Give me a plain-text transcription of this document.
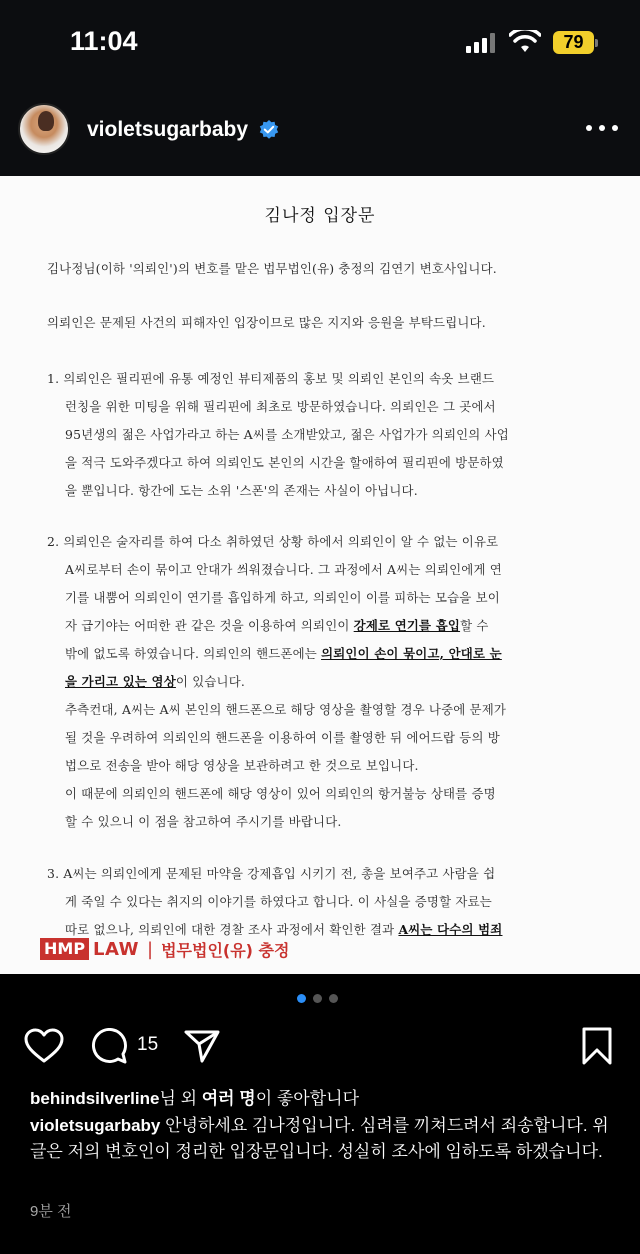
11:04	79
violetsugarbaby
김나정 입장문
김나정님(이하 '의뢰인')의 변호를 맡은 법무법인(유) 충정의 김연기 변호사입니다.
의뢰인은 문제된 사건의 피해자인 입장이므로 많은 지지와 응원을 부탁드립니다.
1. 의뢰인은 필리핀에 유통 예정인 뷰티제품의 홍보 및 의뢰인 본인의 속옷 브랜드
런칭을 위한 미팅을 위해 필리핀에 최초로 방문하였습니다. 의뢰인은 그 곳에서
95년생의 젊은 사업가라고 하는 A씨를 소개받았고, 젊은 사업가가 의뢰인의 사업
을 적극 도와주겠다고 하여 의뢰인도 본인의 시간을 할애하여 필리핀에 방문하였
을 뿐입니다. 항간에 도는 소위 '스폰'의 존재는 사실이 아닙니다.
2. 의뢰인은 술자리를 하여 다소 취하였던 상황 하에서 의뢰인이 알 수 없는 이유로
A씨로부터 손이 묶이고 안대가 씌워졌습니다. 그 과정에서 A씨는 의뢰인에게 연
기를 내뿜어 의뢰인이 연기를 흡입하게 하고, 의뢰인이 이를 피하는 모습을 보이
자 급기야는 어떠한 관 같은 것을 이용하여 의뢰인이 강제로 연기를 흡입할 수
밖에 없도록 하였습니다. 의뢰인의 핸드폰에는 의뢰인이 손이 묶이고, 안대로 눈
을 가리고 있는 영상이 있습니다.
추측컨대, A씨는 A씨 본인의 핸드폰으로 해당 영상을 촬영할 경우 나중에 문제가
될 것을 우려하여 의뢰인의 핸드폰을 이용하여 이를 촬영한 뒤 에어드랍 등의 방
법으로 전송을 받아 해당 영상을 보관하려고 한 것으로 보입니다.
이 때문에 의뢰인의 핸드폰에 해당 영상이 있어 의뢰인의 항거불능 상태를 증명
할 수 있으니 이 점을 참고하여 주시기를 바랍니다.
3. A씨는 의뢰인에게 문제된 마약을 강제흡입 시키기 전, 총을 보여주고 사람을 쉽
게 죽일 수 있다는 취지의 이야기를 하였다고 합니다. 이 사실을 증명할 자료는
따로 없으나, 의뢰인에 대한 경찰 조사 과정에서 확인한 결과 A씨는 다수의 범죄
HMP LAW | 법무법인(유) 충정
15
behindsilverline님 외 여러 명이 좋아합니다
violetsugarbaby 안녕하세요 김나정입니다. 심려를 끼쳐드려서 죄송합니다. 위 글은 저의 변호인이 정리한 입장문입니다. 성실히 조사에 임하도록 하겠습니다.
9분 전
